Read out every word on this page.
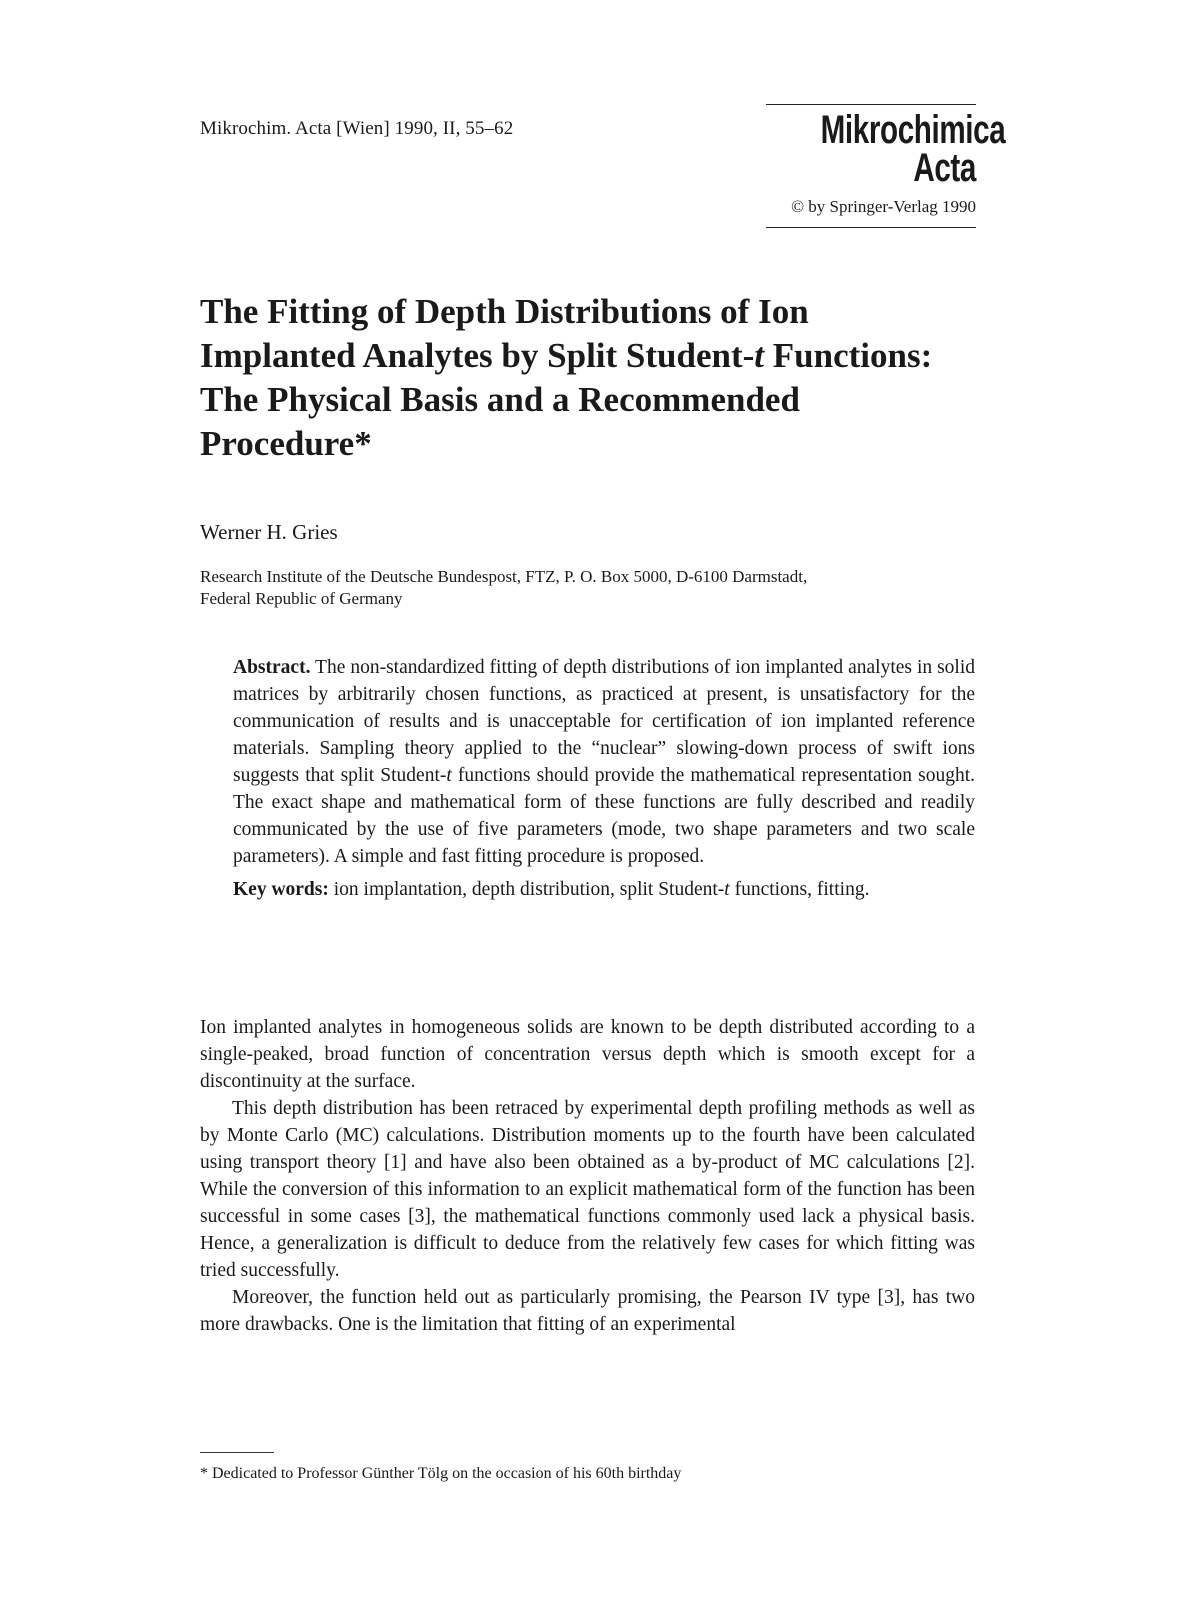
Mikrochim. Acta [Wien] 1990, II, 55–62	Mikrochimica
Acta
© by Springer-Verlag 1990
The Fitting of Depth Distributions of Ion
Implanted Analytes by Split Student-t Functions:
The Physical Basis and a Recommended
Procedure*
Werner H. Gries
Research Institute of the Deutsche Bundespost, FTZ, P. O. Box 5000, D-6100 Darmstadt,
Federal Republic of Germany

Abstract. The non-standardized fitting of depth distributions of ion implanted analytes in solid matrices by arbitrarily chosen functions, as practiced at present, is unsatisfactory for the communication of results and is unacceptable for certification of ion implanted reference materials. Sampling theory applied to the “nuclear” slowing-down process of swift ions suggests that split Student-t functions should provide the mathematical representation sought. The exact shape and mathematical form of these functions are fully described and readily communicated by the use of five parameters (mode, two shape parameters and two scale parameters). A simple and fast fitting procedure is proposed.

Key words: ion implantation, depth distribution, split Student-t functions, fitting.

Ion implanted analytes in homogeneous solids are known to be depth distributed according to a single-peaked, broad function of concentration versus depth which is smooth except for a discontinuity at the surface.

This depth distribution has been retraced by experimental depth profiling methods as well as by Monte Carlo (MC) calculations. Distribution moments up to the fourth have been calculated using transport theory [1] and have also been obtained as a by-product of MC calculations [2]. While the conversion of this information to an explicit mathematical form of the function has been successful in some cases [3], the mathematical functions commonly used lack a physical basis. Hence, a generalization is difficult to deduce from the relatively few cases for which fitting was tried successfully.

Moreover, the function held out as particularly promising, the Pearson IV type [3], has two more drawbacks. One is the limitation that fitting of an experimental

* Dedicated to Professor Günther Tölg on the occasion of his 60th birthday
